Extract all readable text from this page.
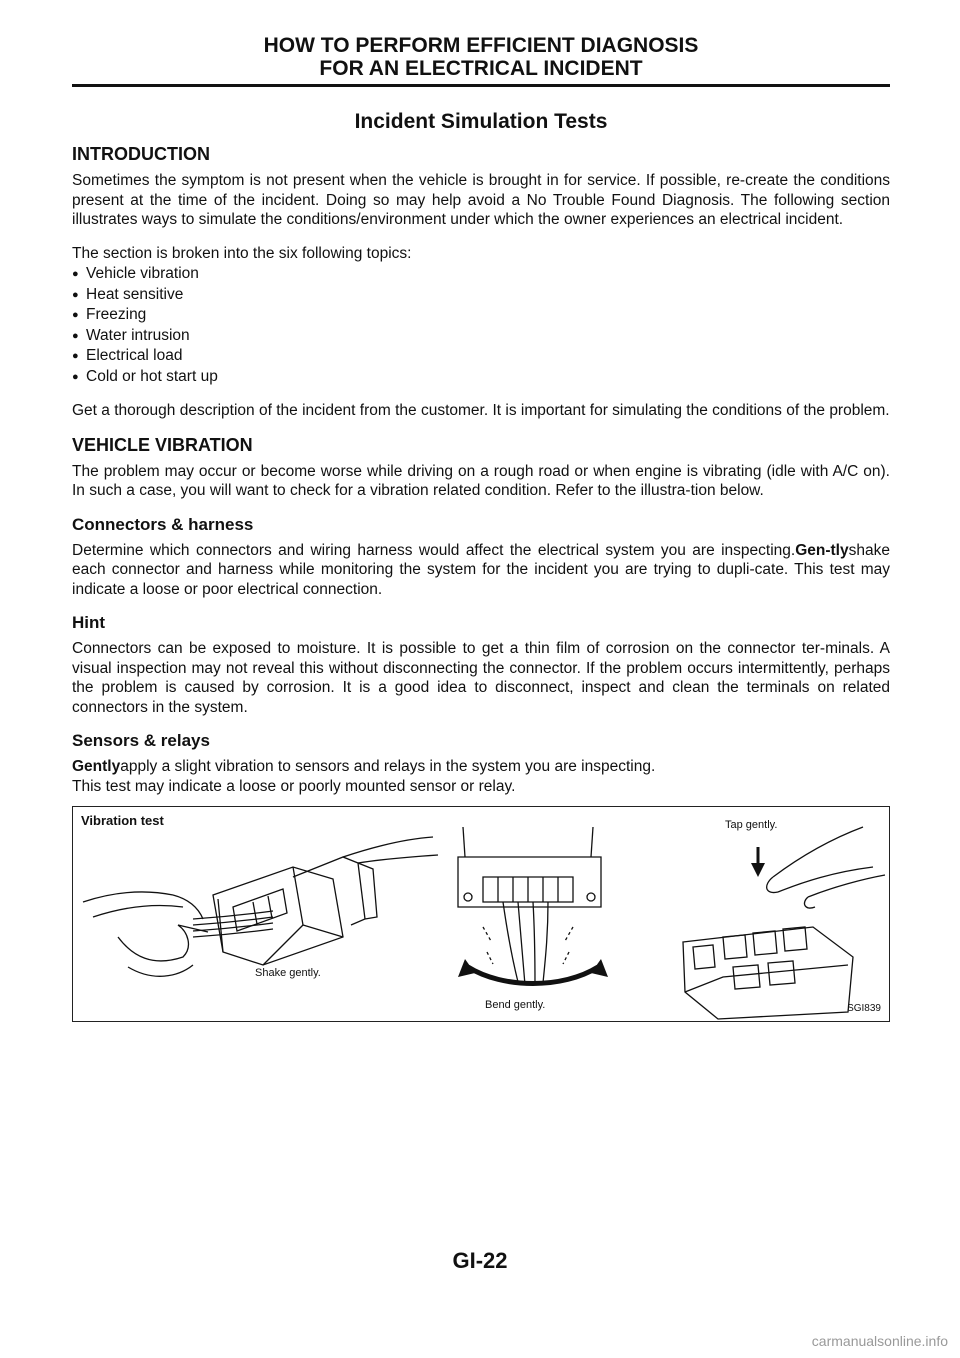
HOW TO PERFORM EFFICIENT DIAGNOSIS
FOR AN ELECTRICAL INCIDENT
Incident Simulation Tests
INTRODUCTION

Sometimes the symptom is not present when the vehicle is brought in for service. If possible, re-create the conditions present at the time of the incident. Doing so may help avoid a No Trouble Found Diagnosis. The following section illustrates ways to simulate the conditions/environment under which the owner experiences an electrical incident.

The section is broken into the six following topics:

● Vehicle vibration
● Heat sensitive
● Freezing
● Water intrusion
● Electrical load
● Cold or hot start up

Get a thorough description of the incident from the customer. It is important for simulating the conditions of the problem.

VEHICLE VIBRATION

The problem may occur or become worse while driving on a rough road or when engine is vibrating (idle with A/C on). In such a case, you will want to check for a vibration related condition. Refer to the illustra-tion below.

Connectors & harness

Determine which connectors and wiring harness would affect the electrical system you are inspecting.Gen-tlyshake each connector and harness while monitoring the system for the incident you are trying to dupli-cate. This test may indicate a loose or poor electrical connection.

Hint

Connectors can be exposed to moisture. It is possible to get a thin film of corrosion on the connector ter-minals. A visual inspection may not reveal this without disconnecting the connector. If the problem occurs intermittently, perhaps the problem is caused by corrosion. It is a good idea to disconnect, inspect and clean the terminals on related connectors in the system.

Sensors & relays

Gentlyapply a slight vibration to sensors and relays in the system you are inspecting.
This test may indicate a loose or poorly mounted sensor or relay.

Vibration test
Shake gently.
Bend gently.
Tap gently.
SGI839
GI-22
carmanualsonline.info
